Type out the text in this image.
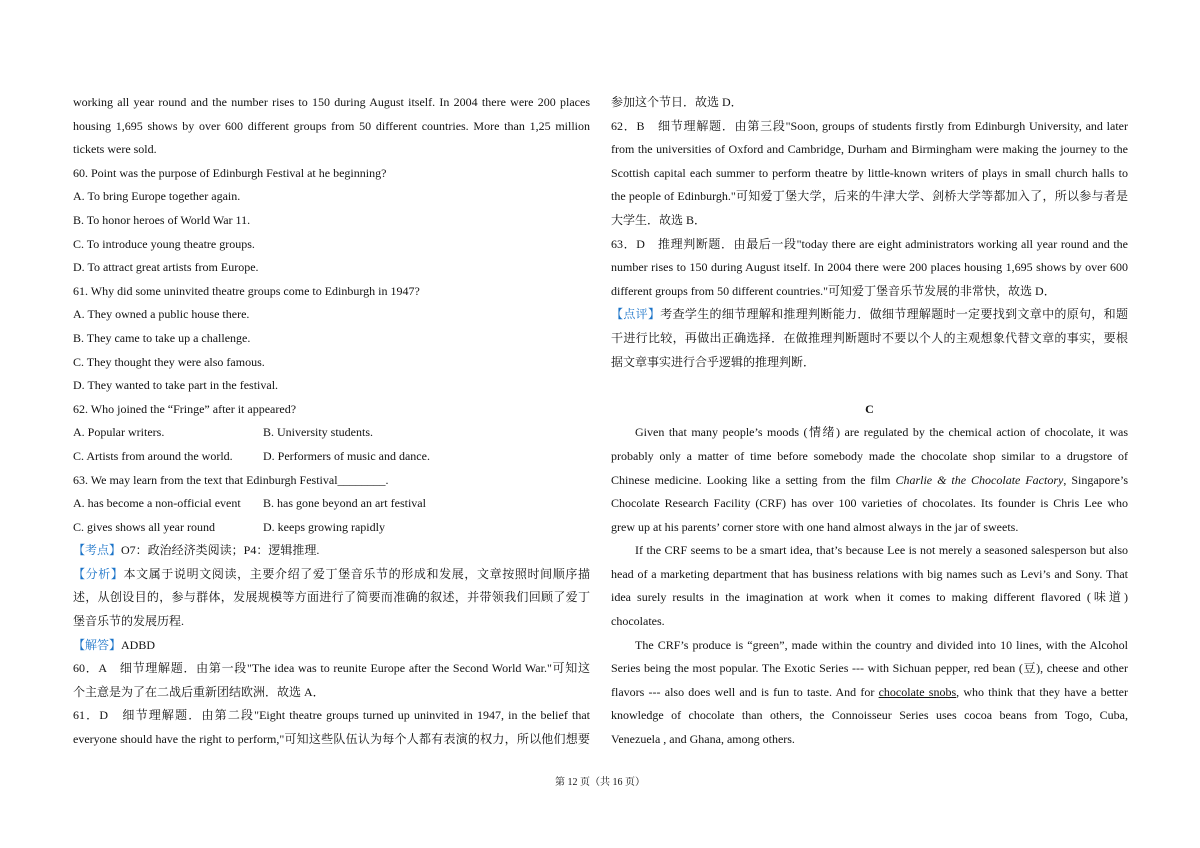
working all year round and the number rises to 150 during August itself. In 2004 there were 200 places

housing 1,695 shows by over 600 different groups from 50 different countries. More than 1,25 million

tickets were sold.

60. Point was the purpose of Edinburgh Festival at he beginning?

A. To bring Europe together again.

B. To honor heroes of World War 11.

C. To introduce young theatre groups.

D. To attract great artists from Europe.

61. Why did some uninvited theatre groups come to Edinburgh in 1947?

A. They owned a public house there.

B. They came to take up a challenge.

C. They thought they were also famous.

D. They wanted to take part in the festival.

62. Who joined the “Fringe” after it appeared?

A. Popular writers.	B. University students.

C. Artists from around the world.	D. Performers of music and dance.

63. We may learn from the text that Edinburgh Festival________.

A. has become a non-official event	B. has gone beyond an art festival

C. gives shows all year round	D. keeps growing rapidly

【考点】O7：政治经济类阅读；P4：逻辑推理.

【分析】本文属于说明文阅读，主要介绍了爱丁堡音乐节的形成和发展，文章按照时间顺序描

述，从创设目的，参与群体，发展规模等方面进行了简要而准确的叙述，并带领我们回顾了爱丁

堡音乐节的发展历程.

【解答】ADBD

60．A　细节理解题．由第一段"The idea was to reunite Europe after the Second World War."可知这

个主意是为了在二战后重新团结欧洲．故选 A．

61．D　细节理解题．由第二段"Eight theatre groups turned up uninvited in 1947, in the belief that

everyone should have the right to perform,"可知这些队伍认为每个人都有表演的权力，所以他们想要

参加这个节日．故选 D．

62．B　细节理解题．由第三段"Soon, groups of students firstly from Edinburgh University, and later

from the universities of Oxford and Cambridge, Durham and Birmingham were making the journey to the

Scottish capital each summer to perform theatre by little-known writers of plays in small church halls to

the people of Edinburgh."可知爱丁堡大学，后来的牛津大学、剑桥大学等都加入了，所以参与者是

大学生．故选 B．

63．D　推理判断题．由最后一段"today there are eight administrators working all year round and the

number rises to 150 during August itself. In 2004 there were 200 places housing 1,695 shows by over 600

different groups from 50 different countries."可知爱丁堡音乐节发展的非常快，故选 D．

【点评】考查学生的细节理解和推理判断能力．做细节理解题时一定要找到文章中的原句，和题

干进行比较，再做出正确选择．在做推理判断题时不要以个人的主观想象代替文章的事实，要根

据文章事实进行合乎逻辑的推理判断．

C

Given that many people’s moods (情绪) are regulated by the chemical action of chocolate, it was

probably only a matter of time before somebody made the chocolate shop similar to a drugstore of

Chinese medicine. Looking like a setting from the film Charlie & the Chocolate Factory, Singapore’s

Chocolate Research Facility (CRF) has over 100 varieties of chocolates. Its founder is Chris Lee who

grew up at his parents’ corner store with one hand almost always in the jar of sweets.

If the CRF seems to be a smart idea, that’s because Lee is not merely a seasoned salesperson but also

head of a marketing department that has business relations with big names such as Levi’s and Sony. That

idea surely results in the imagination at work when it comes to making different flavored (味道)

chocolates.

The CRF’s produce is “green”, made within the country and divided into 10 lines, with the Alcohol

Series being the most popular. The Exotic Series --- with Sichuan pepper, red bean (豆), cheese and other

flavors --- also does well and is fun to taste. And for chocolate snobs, who think that they have a better

knowledge of chocolate than others, the Connoisseur Series uses cocoa beans from Togo, Cuba,

Venezuela , and Ghana, among others.

第 12 页（共 16 页）
